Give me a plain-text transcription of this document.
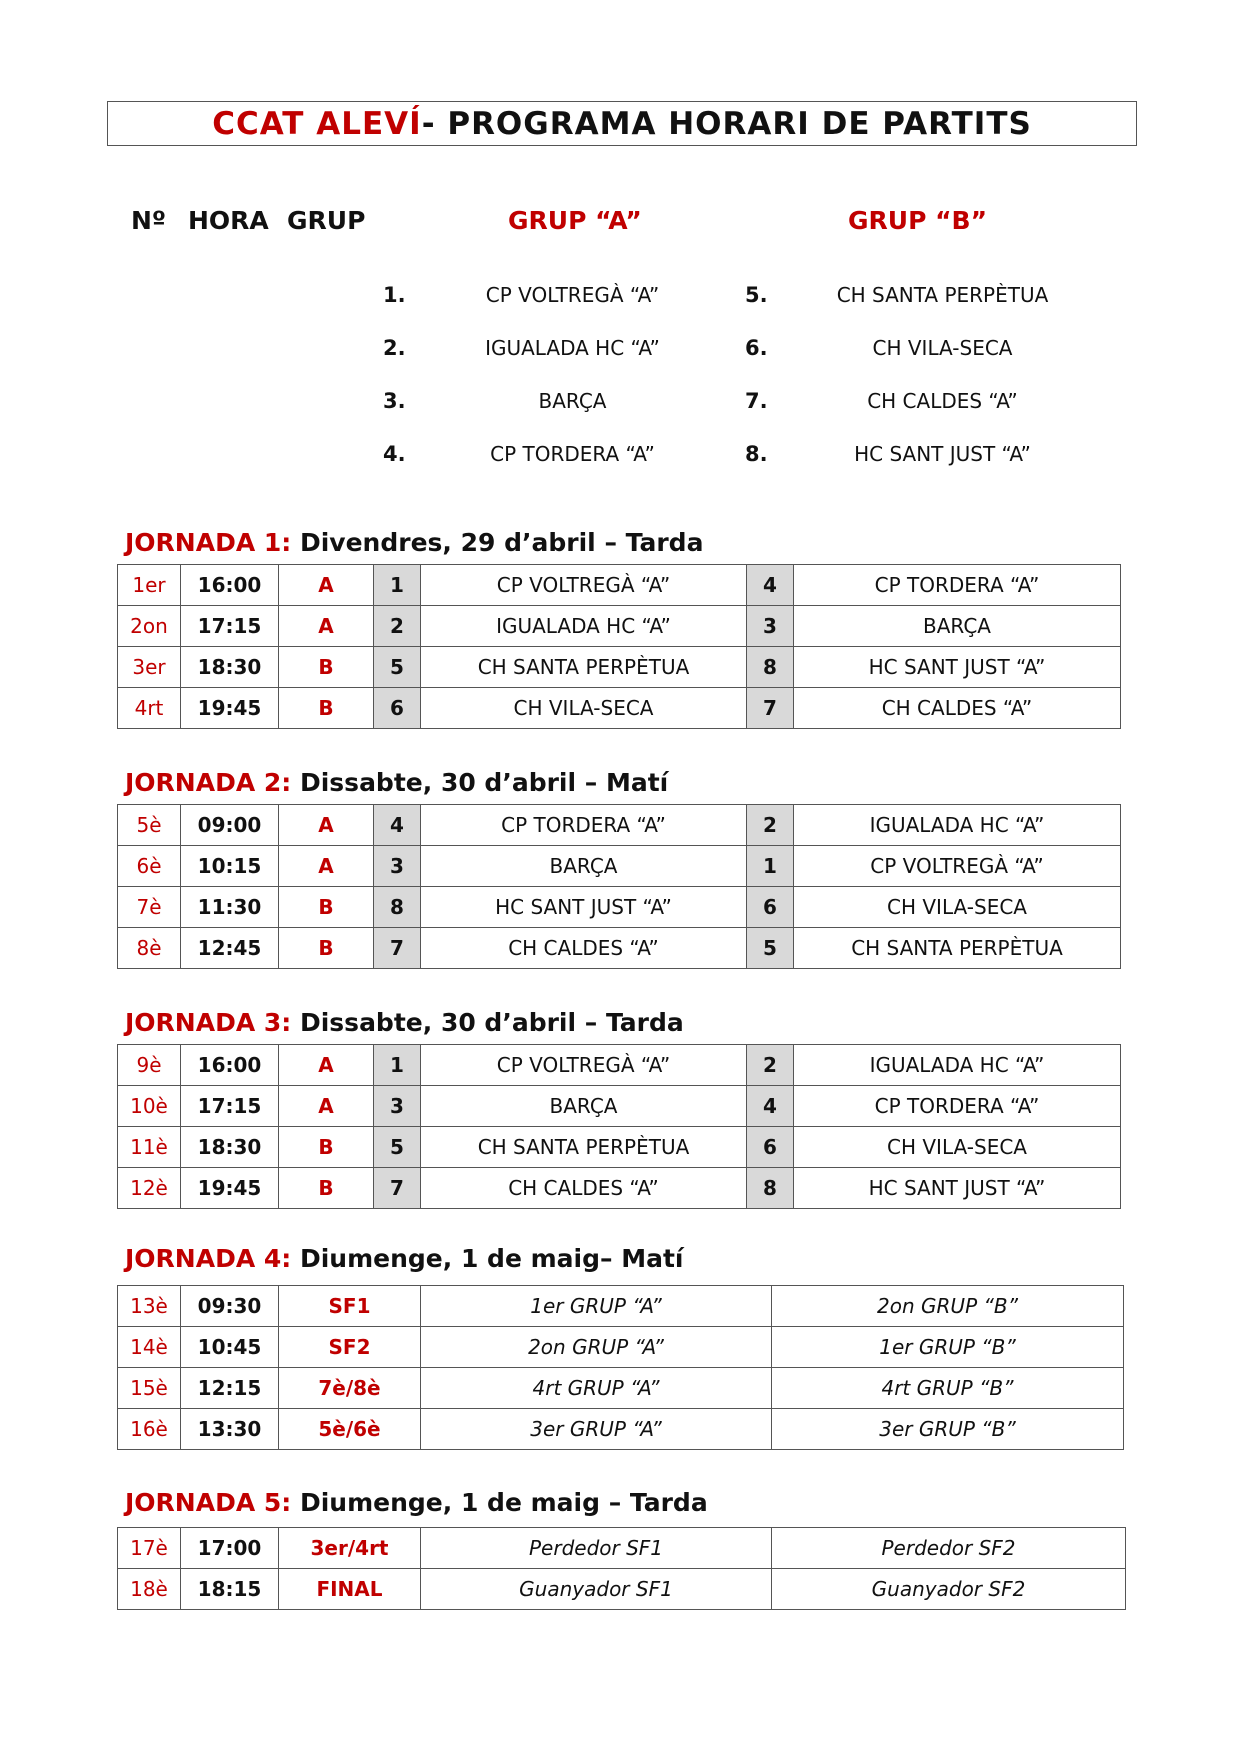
CCAT ALEVÍ - PROGRAMA HORARI DE PARTITS
Nº HORA GRUP	GRUP “A”	GRUP “B”
1.	CP VOLTREGÀ “A”
2.	IGUALADA HC “A”
3.	BARÇA
4.	CP TORDERA “A”
5.	CH SANTA PERPÈTUA
6.	CH VILA-SECA
7.	CH CALDES “A”
8.	HC SANT JUST “A”
JORNADA 1: Divendres, 29 d’abril – Tarda
1er	16:00	A	1	CP VOLTREGÀ “A”	4	CP TORDERA “A”
2on	17:15	A	2	IGUALADA HC “A”	3	BARÇA
3er	18:30	B	5	CH SANTA PERPÈTUA	8	HC SANT JUST “A”
4rt	19:45	B	6	CH VILA-SECA	7	CH CALDES “A”
JORNADA 2: Dissabte, 30 d’abril – Matí
5è	09:00	A	4	CP TORDERA “A”	2	IGUALADA HC “A”
6è	10:15	A	3	BARÇA	1	CP VOLTREGÀ “A”
7è	11:30	B	8	HC SANT JUST “A”	6	CH VILA-SECA
8è	12:45	B	7	CH CALDES “A”	5	CH SANTA PERPÈTUA
JORNADA 3: Dissabte, 30 d’abril – Tarda
9è	16:00	A	1	CP VOLTREGÀ “A”	2	IGUALADA HC “A”
10è	17:15	A	3	BARÇA	4	CP TORDERA “A”
11è	18:30	B	5	CH SANTA PERPÈTUA	6	CH VILA-SECA
12è	19:45	B	7	CH CALDES “A”	8	HC SANT JUST “A”
JORNADA 4: Diumenge, 1 de maig– Matí
13è	09:30	SF1	1er GRUP “A”	2on GRUP “B”
14è	10:45	SF2	2on GRUP “A”	1er GRUP “B”
15è	12:15	7è/8è	4rt GRUP “A”	4rt GRUP “B”
16è	13:30	5è/6è	3er GRUP “A”	3er GRUP “B”
JORNADA 5: Diumenge, 1 de maig – Tarda
17è	17:00	3er/4rt	Perdedor SF1	Perdedor SF2
18è	18:15	FINAL	Guanyador SF1	Guanyador SF2
